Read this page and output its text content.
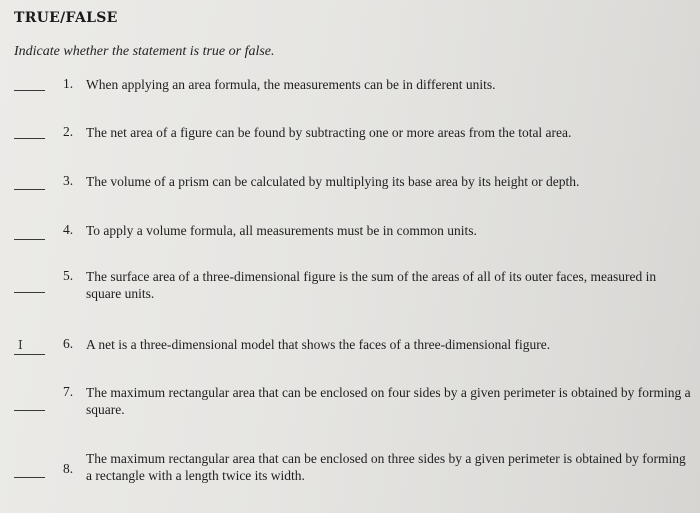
TRUE/FALSE
Indicate whether the statement is true or false.
1. When applying an area formula, the measurements can be in different units.
2. The net area of a figure can be found by subtracting one or more areas from the total area.
3. The volume of a prism can be calculated by multiplying its base area by its height or depth.
4. To apply a volume formula, all measurements must be in common units.
5. The surface area of a three-dimensional figure is the sum of the areas of all of its outer faces, measured in square units.
I	6. A net is a three-dimensional model that shows the faces of a three-dimensional figure.
7. The maximum rectangular area that can be enclosed on four sides by a given perimeter is obtained by forming a square.
8.
The maximum rectangular area that can be enclosed on three sides by a given perimeter is obtained by forming a rectangle with a length twice its width.
